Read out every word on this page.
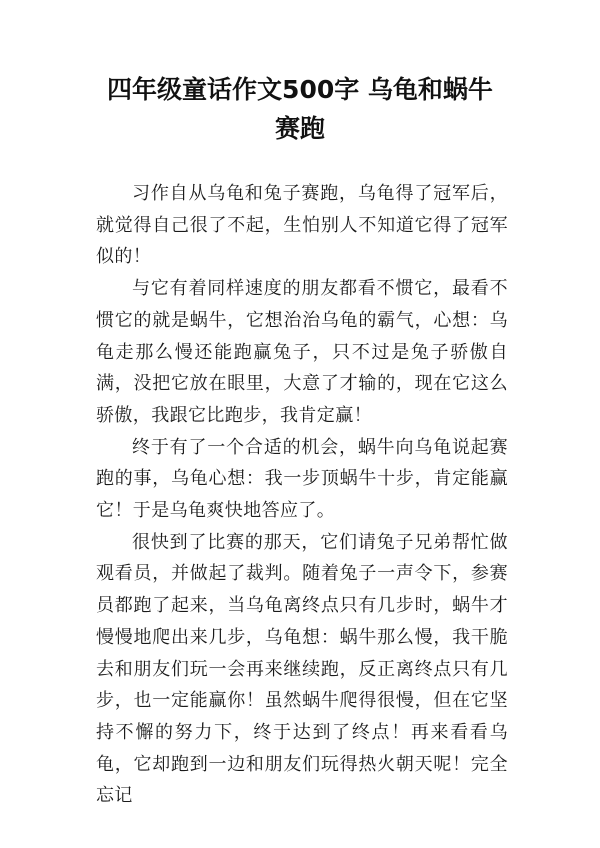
四年级童话作文500字 乌龟和蜗牛赛跑

习作自从乌龟和兔子赛跑，乌龟得了冠军后，就觉得自己很了不起，生怕别人不知道它得了冠军似的！

与它有着同样速度的朋友都看不惯它，最看不惯它的就是蜗牛，它想治治乌龟的霸气，心想：乌龟走那么慢还能跑赢兔子，只不过是兔子骄傲自满，没把它放在眼里，大意了才输的，现在它这么骄傲，我跟它比跑步，我肯定赢！

终于有了一个合适的机会，蜗牛向乌龟说起赛跑的事，乌龟心想：我一步顶蜗牛十步，肯定能赢它！于是乌龟爽快地答应了。

很快到了比赛的那天，它们请兔子兄弟帮忙做观看员，并做起了裁判。随着兔子一声令下，参赛员都跑了起来，当乌龟离终点只有几步时，蜗牛才慢慢地爬出来几步，乌龟想：蜗牛那么慢，我干脆去和朋友们玩一会再来继续跑，反正离终点只有几步，也一定能赢你！虽然蜗牛爬得很慢，但在它坚持不懈的努力下，终于达到了终点！再来看看乌龟，它却跑到一边和朋友们玩得热火朝天呢！完全忘记
